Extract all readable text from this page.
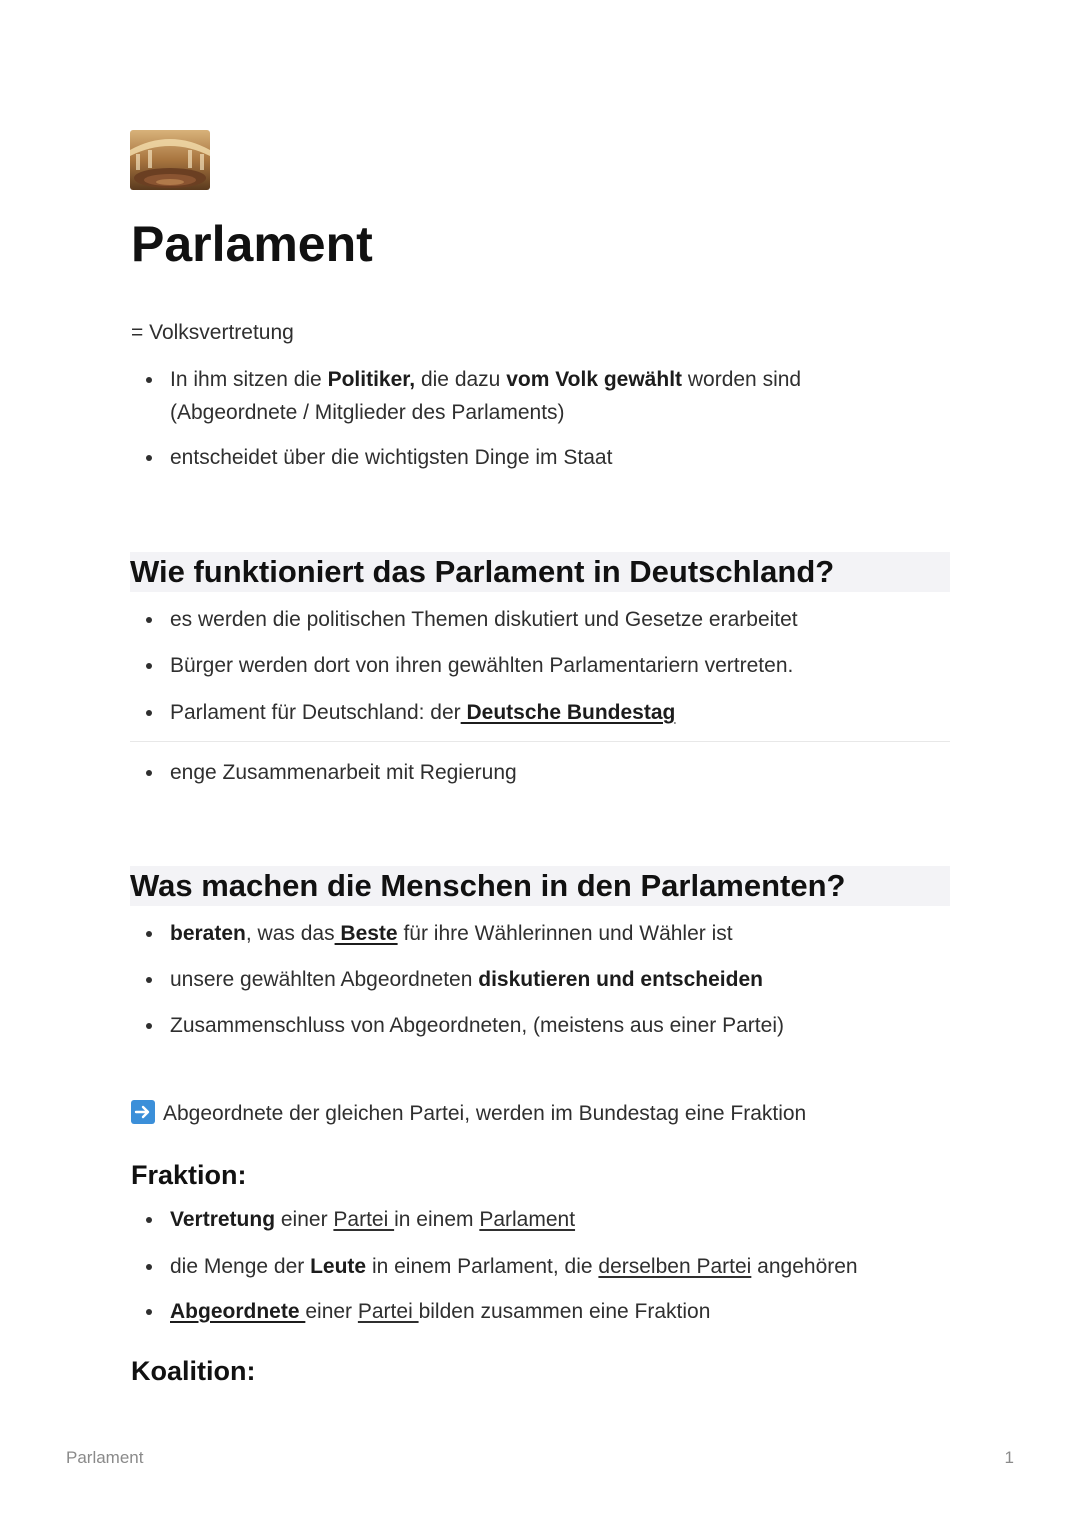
Parlament
= Volksvertretung
In ihm sitzen die Politiker, die dazu vom Volk gewählt worden sind
(Abgeordnete / Mitglieder des Parlaments)
entscheidet über die wichtigsten Dinge im Staat
Wie funktioniert das Parlament in Deutschland?
es werden die politischen Themen diskutiert und Gesetze erarbeitet
Bürger werden dort von ihren gewählten Parlamentariern vertreten.
Parlament für Deutschland: der Deutsche Bundestag
enge Zusammenarbeit mit Regierung
Was machen die Menschen in den Parlamenten?
beraten, was das Beste für ihre Wählerinnen und Wähler ist
unsere gewählten Abgeordneten diskutieren und entscheiden
Zusammenschluss von Abgeordneten, (meistens aus einer Partei)
Abgeordnete der gleichen Partei, werden im Bundestag eine Fraktion
Fraktion:
Vertretung einer Partei in einem Parlament
die Menge der Leute in einem Parlament, die derselben Partei angehören
Abgeordnete einer Partei bilden zusammen eine Fraktion
Koalition:
Parlament	1
